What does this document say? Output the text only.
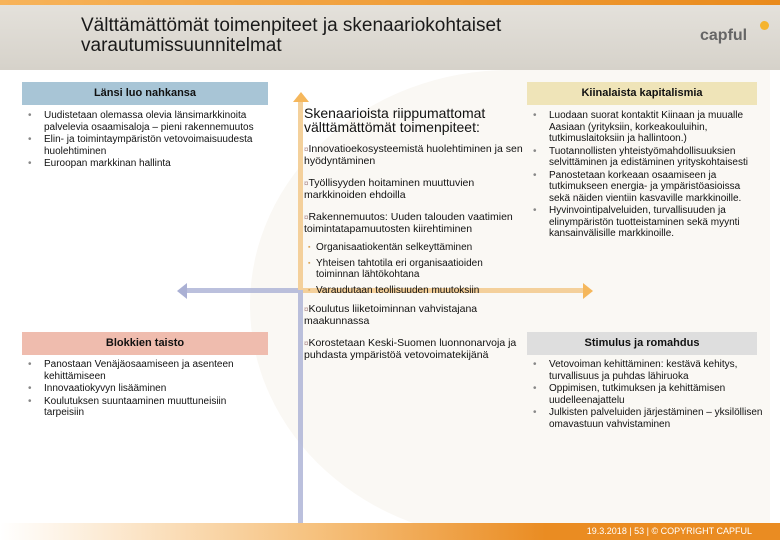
Välttämättömät toimenpiteet ja skenaariokohtaiset varautumissuunnitelmat	capful
Länsi luo nahkansa
• Uudistetaan olemassa olevia länsimarkkinoita palvelevia osaamisaloja – pieni rakennemuutos
• Elin- ja toimintaympäristön vetovoimaisuudesta huolehtiminen
• Euroopan markkinan hallinta
Kiinalaista kapitalismia
• Luodaan suorat kontaktit Kiinaan ja muualle Aasiaan (yrityksiin, korkeakouluihin, tutkimuslaitoksiin ja hallintoon.)
• Tuotannollisten yhteistyömahdollisuuksien selvittäminen ja edistäminen yrityskohtaisesti
• Panostetaan korkeaan osaamiseen ja tutkimukseen energia- ja ympäristöasioissa sekä näiden vientiin kasvaville markkinoille.
• Hyvinvointipalveluiden, turvallisuuden ja elinympäristön tuotteistaminen sekä myynti kansainvälisille markkinoille.
Blokkien taisto
• Panostaan Venäjäosaamiseen ja asenteen kehittämiseen
• Innovaatiokyvyn lisääminen
• Koulutuksen suuntaaminen muuttuneisiin tarpeisiin
Stimulus ja romahdus
• Vetovoiman kehittäminen: kestävä kehitys, turvallisuus ja puhdas lähiruoka
• Oppimisen, tutkimuksen ja kehittämisen uudelleenajattelu
• Julkisten palveluiden järjestäminen – yksilöllisen omavastuun vahvistaminen
Skenaarioista riippumattomat välttämättömät toimenpiteet:
¤Innovatioekosysteemistä huolehtiminen ja sen hyödyntäminen
¤Työllisyyden hoitaminen muuttuvien markkinoiden ehdoilla
¤Rakennemuutos: Uuden talouden vaatimien toimintatapamuutosten kiirehtiminen
▪ Organisaatiokentän selkeyttäminen
▪ Yhteisen tahtotila eri organisaatioiden toiminnan lähtökohtana
▪ Varaudutaan teollisuuden muutoksiin
¤Koulutus liiketoiminnan vahvistajana maakunnassa
¤Korostetaan Keski-Suomen luonnonarvoja ja puhdasta ympäristöä vetovoimatekijänä
19.3.2018 | 53 | © COPYRIGHT CAPFUL
